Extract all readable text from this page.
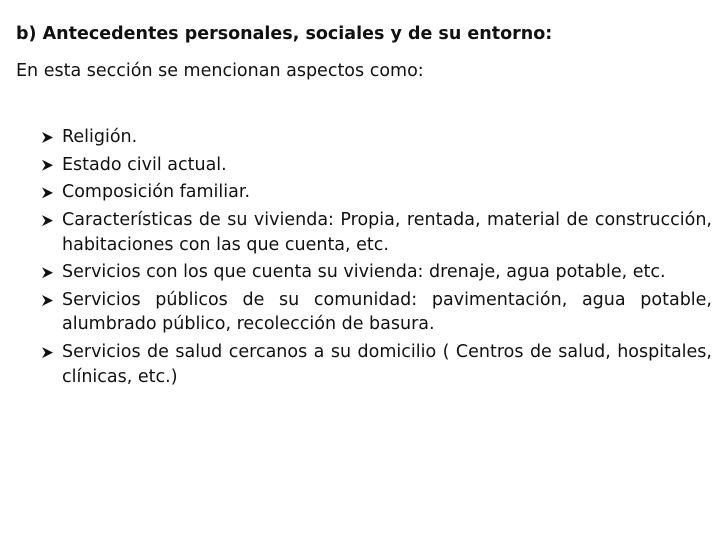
b) Antecedentes personales, sociales y de su entorno:
En esta sección se mencionan aspectos como:
Religión.
Estado civil actual.
Composición familiar.
Características de su vivienda: Propia, rentada, material de construcción, habitaciones con las que cuenta, etc.
Servicios con los que cuenta su vivienda: drenaje, agua potable, etc.
Servicios públicos de su comunidad: pavimentación, agua potable, alumbrado público, recolección de basura.
Servicios de salud cercanos a su domicilio ( Centros de salud, hospitales, clínicas, etc.)
